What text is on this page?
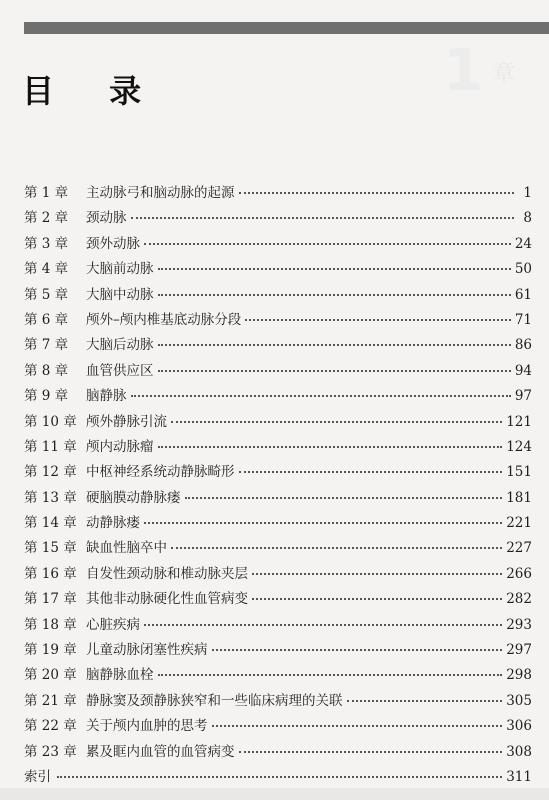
1 章
目 录
第 1 章	主动脉弓和脑动脉的起源	1
第 2 章	颈动脉	8
第 3 章	颈外动脉	24
第 4 章	大脑前动脉	50
第 5 章	大脑中动脉	61
第 6 章	颅外–颅内椎基底动脉分段	71
第 7 章	大脑后动脉	86
第 8 章	血管供应区	94
第 9 章	脑静脉	97
第 10 章 颅外静脉引流	121
第 11 章 颅内动脉瘤	124
第 12 章 中枢神经系统动静脉畸形	151
第 13 章 硬脑膜动静脉瘘	181
第 14 章 动静脉瘘	221
第 15 章 缺血性脑卒中	227
第 16 章 自发性颈动脉和椎动脉夹层	266
第 17 章 其他非动脉硬化性血管病变	282
第 18 章 心脏疾病	293
第 19 章 儿童动脉闭塞性疾病	297
第 20 章 脑静脉血栓	298
第 21 章 静脉窦及颈静脉狭窄和一些临床病理的关联	305
第 22 章 关于颅内血肿的思考	306
第 23 章 累及眶内血管的血管病变	308
索引	311
